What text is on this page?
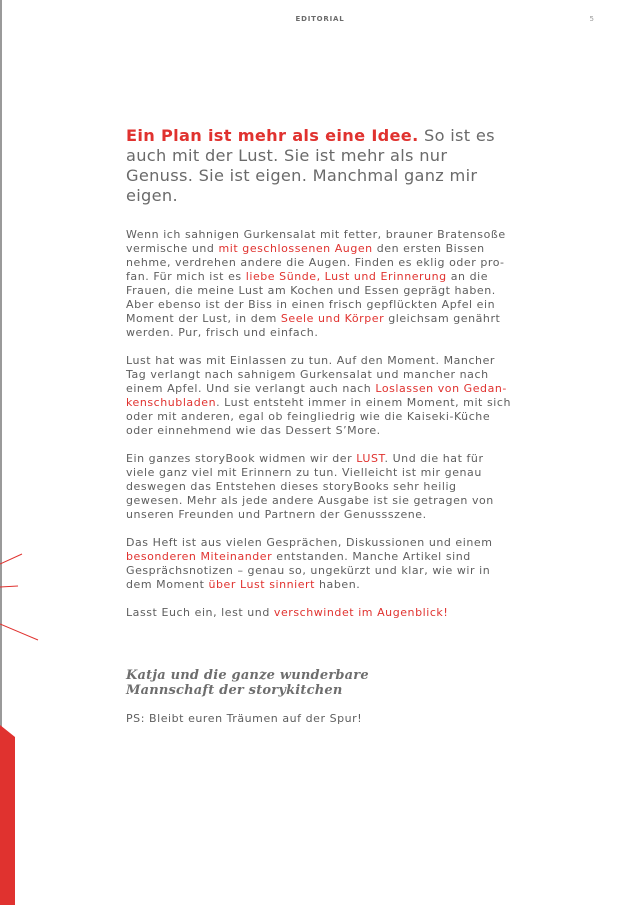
EDITORIAL	5

Ein Plan ist mehr als eine Idee. So ist es auch mit der Lust. Sie ist mehr als nur Genuss. Sie ist eigen. Manchmal ganz mir eigen.

Wenn ich sahnigen Gurkensalat mit fetter, brauner Bratensoße vermische und mit geschlossenen Augen den ersten Bissen nehme, verdrehen andere die Augen. Finden es eklig oder profan. Für mich ist es liebe Sünde, Lust und Erinnerung an die Frauen, die meine Lust am Kochen und Essen geprägt haben. Aber ebenso ist der Biss in einen frisch gepflückten Apfel ein Moment der Lust, in dem Seele und Körper gleichsam genährt werden. Pur, frisch und einfach.

Lust hat was mit Einlassen zu tun. Auf den Moment. Mancher Tag verlangt nach sahnigem Gurkensalat und mancher nach einem Apfel. Und sie verlangt auch nach Loslassen von Gedankenschubladen. Lust entsteht immer in einem Moment, mit sich oder mit anderen, egal ob feingliedrig wie die Kaiseki-Küche oder einnehmend wie das Dessert S’More.

Ein ganzes storyBook widmen wir der LUST. Und die hat für viele ganz viel mit Erinnern zu tun. Vielleicht ist mir genau deswegen das Entstehen dieses storyBooks sehr heilig gewesen. Mehr als jede andere Ausgabe ist sie getragen von unseren Freunden und Partnern der Genussszene.

Das Heft ist aus vielen Gesprächen, Diskussionen und einem besonderen Miteinander entstanden. Manche Artikel sind Gesprächsnotizen – genau so, ungekürzt und klar, wie wir in dem Moment über Lust sinniert haben.

Lasst Euch ein, lest und verschwindet im Augenblick!

Katja und die ganze wunderbare
Mannschaft der storykitchen

PS: Bleibt euren Träumen auf der Spur!
